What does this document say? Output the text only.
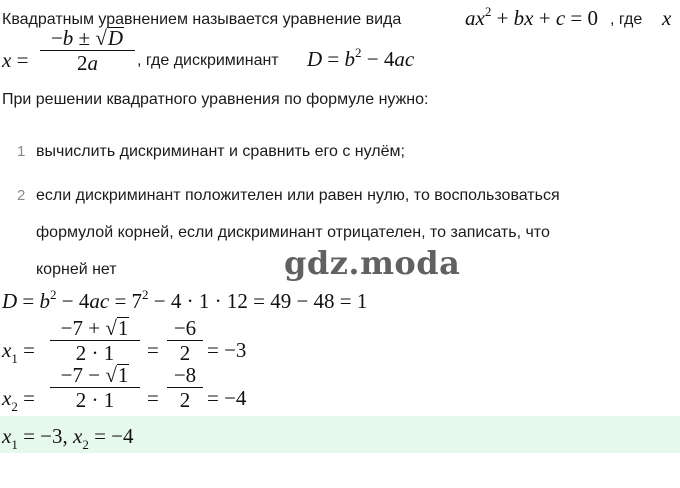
Квадратным уравнением называется уравнение вида	$ax^2$ + bx + c = 0 , где x
x =
−b ± √D
2a , где дискриминант $D = b^2 - 4ac$
При решении квадратного уравнения по формуле нужно:
1 вычислить дискриминант и сравнить его с нулём;
2 если дискриминант положителен или равен нулю, то воспользоваться
формулой корней, если дискриминант отрицателен, то записать, что
корней нет	gdz.moda
$D = b^2 - 4ac = 7^2 - 4 \cdot 1 \cdot 12 = 49 - 48 = 1$
$x_1$ =
−7 + √1
2 · 1 =
−6
2 = −3
$x_2$ =
−7 − √1
2 · 1 =
−8
2 = −4
$x_1 = -3$, $x_2 = -4$
